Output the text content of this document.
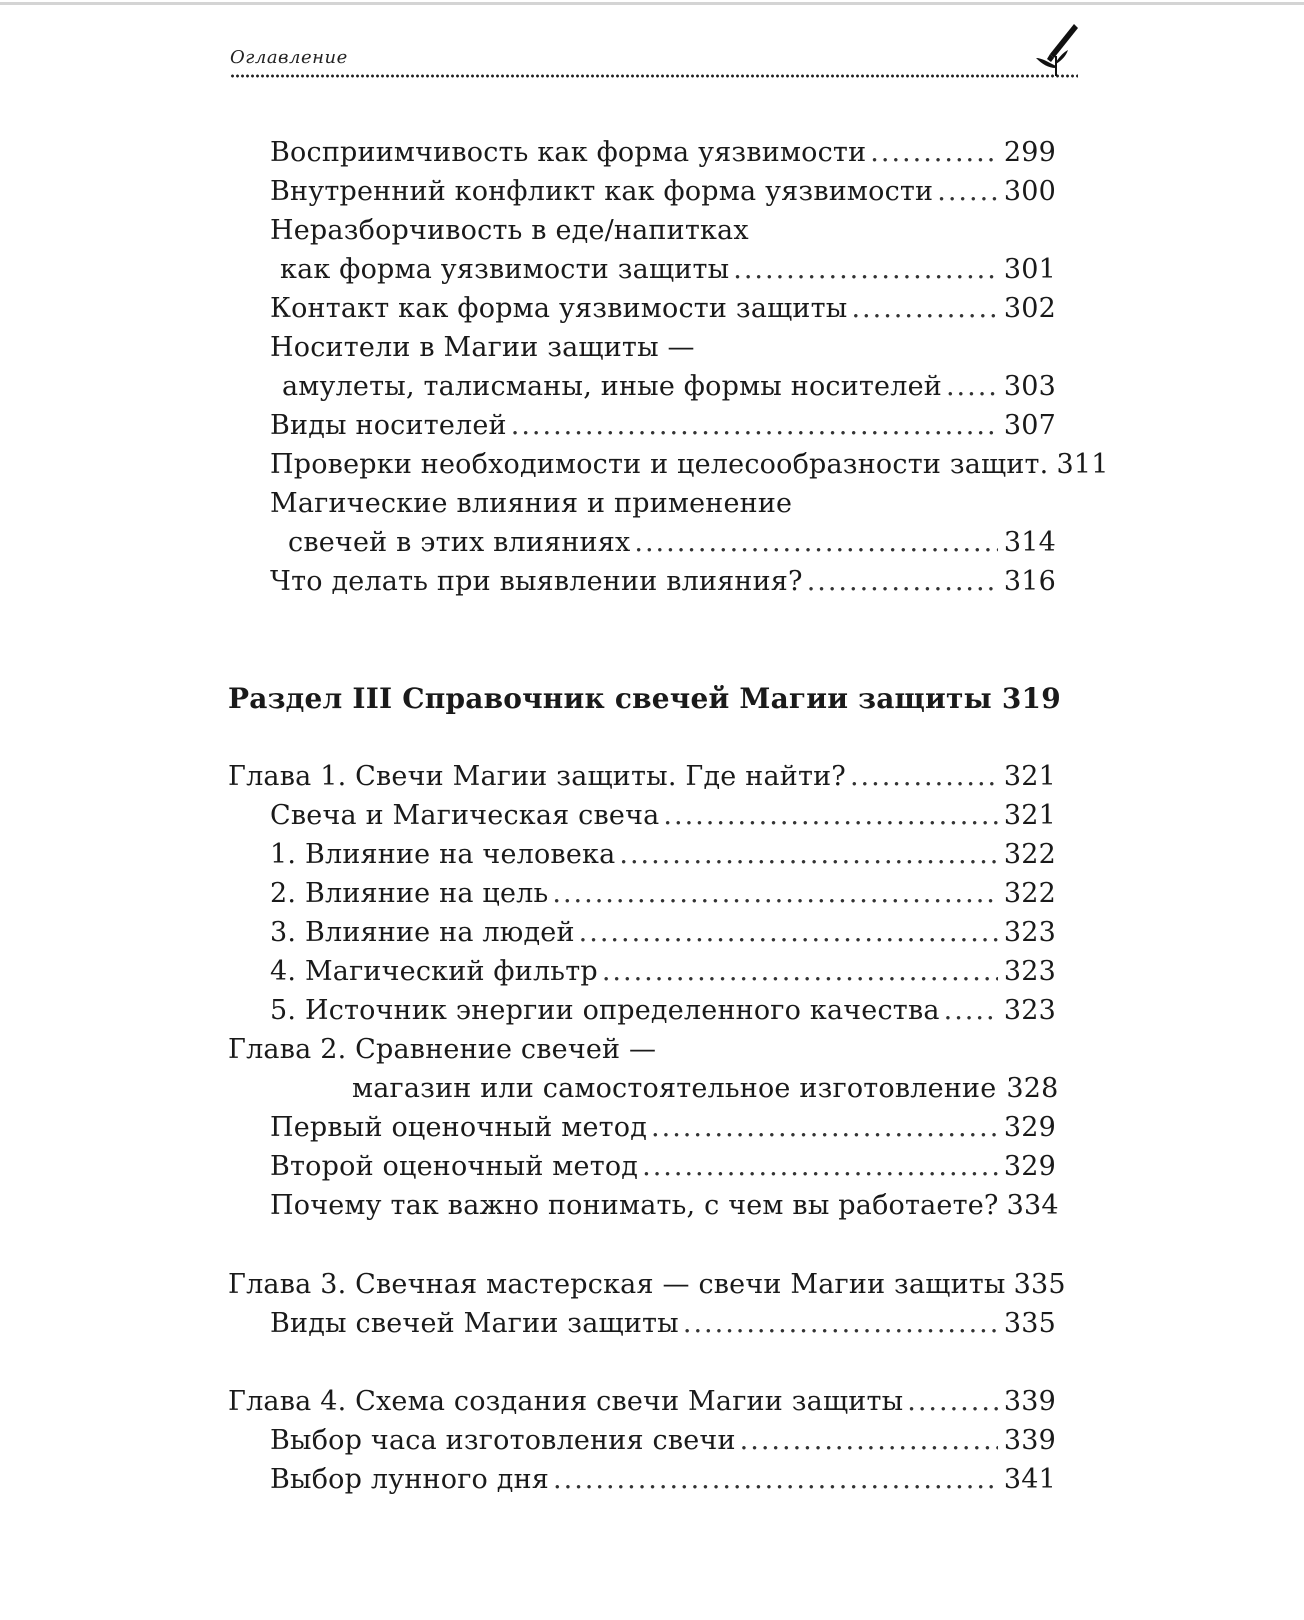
Оглавление
Восприимчивость как форма уязвимости .....	299
Внутренний конфликт как форма уязвимости .....	300
Неразборчивость в еде/напитках
как форма уязвимости защиты .....	301
Контакт как форма уязвимости защиты .....	302
Носители в Магии защиты —
амулеты, талисманы, иные формы носителей ..... 303
Виды носителей .....	307
Проверки необходимости и целесообразности защит. 311
Магические влияния и применение
свечей в этих влияниях .....	314
Что делать при выявлении влияния? .....	316
Раздел III Справочник свечей Магии защиты 319
Глава 1. Свечи Магии защиты. Где найти? .....	321
Свеча и Магическая свеча .....	321
1. Влияние на человека .....	322
2. Влияние на цель .....	322
3. Влияние на людей .....	323
4. Магический фильтр .....	323
5. Источник энергии определенного качества ..... 323
Глава 2. Сравнение свечей —
магазин или самостоятельное изготовление 328
Первый оценочный метод .....	329
Второй оценочный метод .....	329
Почему так важно понимать, с чем вы работаете? 334
Глава 3. Свечная мастерская — свечи Магии защиты 335
Виды свечей Магии защиты .....	335
Глава 4. Схема создания свечи Магии защиты .....	339
Выбор часа изготовления свечи .....	339
Выбор лунного дня .....	341
